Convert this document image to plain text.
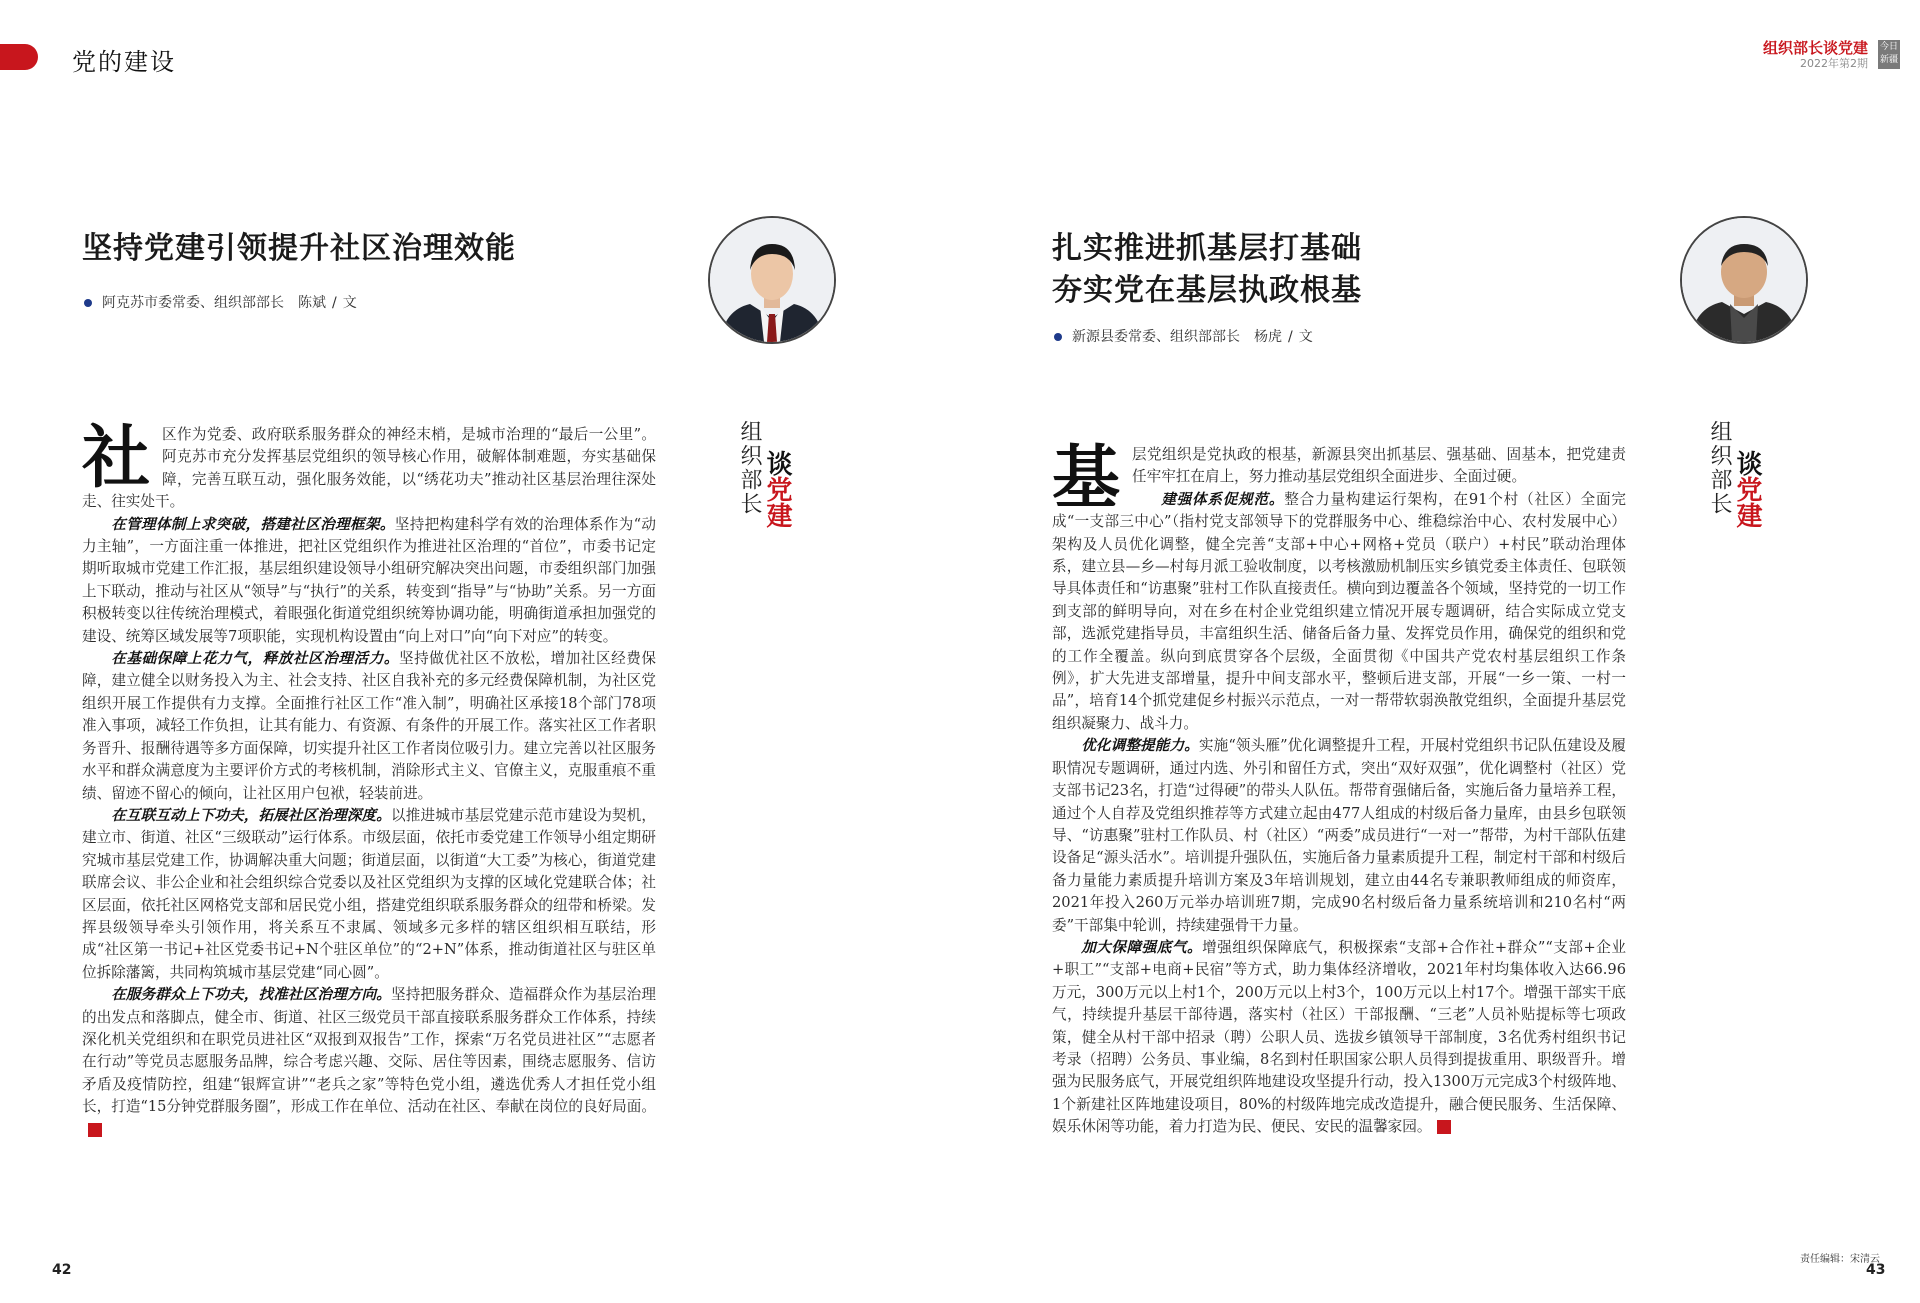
党的建设	组织部长谈党建
2022年第2期
今日
新疆
坚持党建引领提升社区治理效能
阿克苏市委常委、组织部部长 陈斌 / 文
组织部长 谈
党建

社区作为党委、政府联系服务群众的神经末梢，是城市治理的“最后一公里”。阿克苏市充分发挥基层党组织的领导核心作用，破解体制难题，夯实基础保障，完善互联互动，强化服务效能，以“绣花功夫”推动社区基层治理往深处走、往实处干。

在管理体制上求突破，搭建社区治理框架。坚持把构建科学有效的治理体系作为“动力主轴”，一方面注重一体推进，把社区党组织作为推进社区治理的“首位”，市委书记定期听取城市党建工作汇报，基层组织建设领导小组研究解决突出问题，市委组织部门加强上下联动，推动与社区从“领导”与“执行”的关系，转变到“指导”与“协助”关系。另一方面积极转变以往传统治理模式，着眼强化街道党组织统筹协调功能，明确街道承担加强党的建设、统筹区域发展等7项职能，实现机构设置由“向上对口”向“向下对应”的转变。

在基础保障上花力气，释放社区治理活力。坚持做优社区不放松，增加社区经费保障，建立健全以财务投入为主、社会支持、社区自我补充的多元经费保障机制，为社区党组织开展工作提供有力支撑。全面推行社区工作“准入制”，明确社区承接18个部门78项准入事项，减轻工作负担，让其有能力、有资源、有条件的开展工作。落实社区工作者职务晋升、报酬待遇等多方面保障，切实提升社区工作者岗位吸引力。建立完善以社区服务水平和群众满意度为主要评价方式的考核机制，消除形式主义、官僚主义，克服重痕不重绩、留迹不留心的倾向，让社区用户包袱，轻装前进。

在互联互动上下功夫，拓展社区治理深度。以推进城市基层党建示范市建设为契机，建立市、街道、社区“三级联动”运行体系。市级层面，依托市委党建工作领导小组定期研究城市基层党建工作，协调解决重大问题；街道层面，以街道“大工委”为核心，街道党建联席会议、非公企业和社会组织综合党委以及社区党组织为支撑的区域化党建联合体；社区层面，依托社区网格党支部和居民党小组，搭建党组织联系服务群众的纽带和桥梁。发挥县级领导牵头引领作用，将关系互不隶属、领域多元多样的辖区组织相互联结，形成“社区第一书记+社区党委书记+N个驻区单位”的“2+N”体系，推动街道社区与驻区单位拆除藩篱，共同构筑城市基层党建“同心圆”。

在服务群众上下功夫，找准社区治理方向。坚持把服务群众、造福群众作为基层治理的出发点和落脚点，健全市、街道、社区三级党员干部直接联系服务群众工作体系，持续深化机关党组织和在职党员进社区“双报到双报告”工作，探索“万名党员进社区”“志愿者在行动”等党员志愿服务品牌，综合考虑兴趣、交际、居住等因素，围绕志愿服务、信访矛盾及疫情防控，组建“银辉宣讲”“老兵之家”等特色党小组，遴选优秀人才担任党小组长，打造“15分钟党群服务圈”，形成工作在单位、活动在社区、奉献在岗位的良好局面。

42
扎实推进抓基层打基础
夯实党在基层执政根基
新源县委常委、组织部部长 杨虎 / 文
组织部长 谈
党建

基层党组织是党执政的根基，新源县突出抓基层、强基础、固基本，把党建责任牢牢扛在肩上，努力推动基层党组织全面进步、全面过硬。

建强体系促规范。整合力量构建运行架构，在91个村（社区）全面完成“一支部三中心”（指村党支部领导下的党群服务中心、维稳综治中心、农村发展中心）架构及人员优化调整，健全完善“支部+中心+网格+党员（联户）+村民”联动治理体系，建立县—乡—村每月派工验收制度，以考核激励机制压实乡镇党委主体责任、包联领导具体责任和“访惠聚”驻村工作队直接责任。横向到边覆盖各个领域，坚持党的一切工作到支部的鲜明导向，对在乡在村企业党组织建立情况开展专题调研，结合实际成立党支部，选派党建指导员，丰富组织生活、储备后备力量、发挥党员作用，确保党的组织和党的工作全覆盖。纵向到底贯穿各个层级，全面贯彻《中国共产党农村基层组织工作条例》，扩大先进支部增量，提升中间支部水平，整顿后进支部，开展“一乡一策、一村一品”，培育14个抓党建促乡村振兴示范点，一对一帮带软弱涣散党组织，全面提升基层党组织凝聚力、战斗力。

优化调整提能力。实施“领头雁”优化调整提升工程，开展村党组织书记队伍建设及履职情况专题调研，通过内选、外引和留任方式，突出“双好双强”，优化调整村（社区）党支部书记23名，打造“过得硬”的带头人队伍。帮带育强储后备，实施后备力量培养工程，通过个人自荐及党组织推荐等方式建立起由477人组成的村级后备力量库，由县乡包联领导、“访惠聚”驻村工作队员、村（社区）“两委”成员进行“一对一”帮带，为村干部队伍建设备足“源头活水”。培训提升强队伍，实施后备力量素质提升工程，制定村干部和村级后备力量能力素质提升培训方案及3年培训规划，建立由44名专兼职教师组成的师资库，2021年投入260万元举办培训班7期，完成90名村级后备力量系统培训和210名村“两委”干部集中轮训，持续建强骨干力量。

加大保障强底气。增强组织保障底气，积极探索“支部+合作社+群众”“支部+企业+职工”“支部+电商+民宿”等方式，助力集体经济增收，2021年村均集体收入达66.96万元，300万元以上村1个，200万元以上村3个，100万元以上村17个。增强干部实干底气，持续提升基层干部待遇，落实村（社区）干部报酬、“三老”人员补贴提标等七项政策，健全从村干部中招录（聘）公职人员、选拔乡镇领导干部制度，3名优秀村组织书记考录（招聘）公务员、事业编，8名到村任职国家公职人员得到提拔重用、职级晋升。增强为民服务底气，开展党组织阵地建设攻坚提升行动，投入1300万元完成3个村级阵地、1个新建社区阵地建设项目，80%的村级阵地完成改造提升，融合便民服务、生活保障、娱乐休闲等功能，着力打造为民、便民、安民的温馨家园。

责任编辑：宋清云
43
